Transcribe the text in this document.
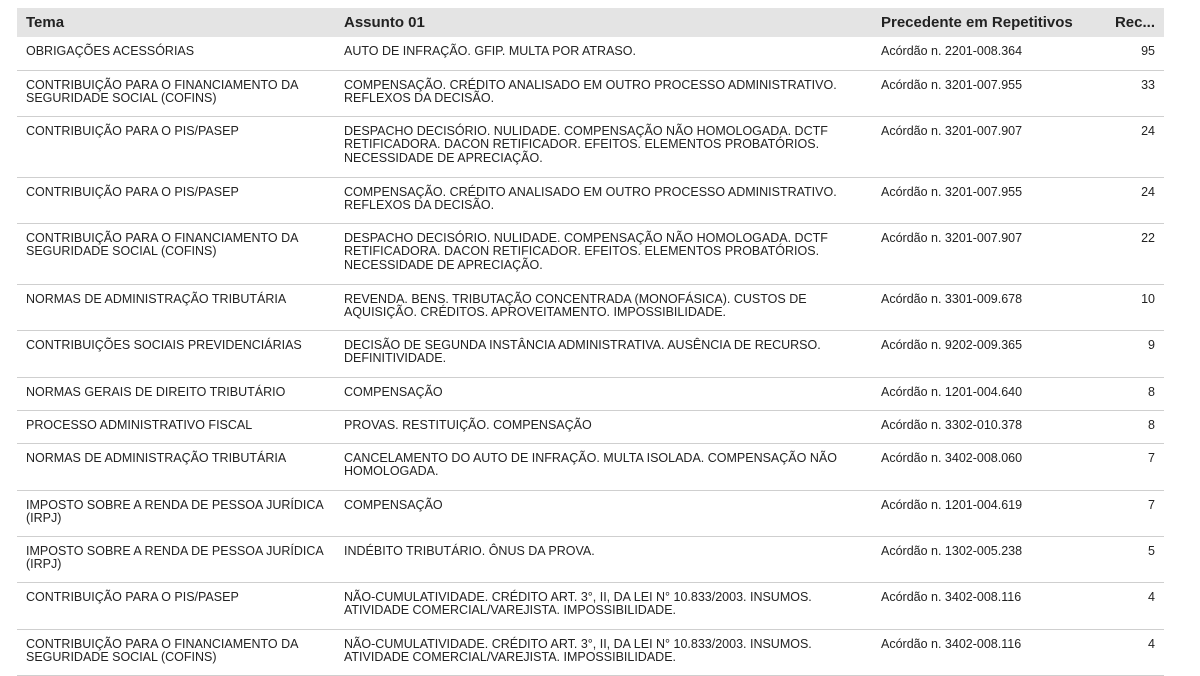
Tema	Assunto 01	Precedente em Repetitivos	Rec...
OBRIGAÇÕES ACESSÓRIAS	AUTO DE INFRAÇÃO. GFIP. MULTA POR ATRASO.	Acórdão n. 2201-008.364	95
CONTRIBUIÇÃO PARA O FINANCIAMENTO DA SEGURIDADE SOCIAL (COFINS)	COMPENSAÇÃO. CRÉDITO ANALISADO EM OUTRO PROCESSO ADMINISTRATIVO. REFLEXOS DA DECISÃO.	Acórdão n. 3201-007.955	33
CONTRIBUIÇÃO PARA O PIS/PASEP	DESPACHO DECISÓRIO. NULIDADE. COMPENSAÇÃO NÃO HOMOLOGADA. DCTF RETIFICADORA. DACON RETIFICADOR. EFEITOS. ELEMENTOS PROBATÓRIOS. NECESSIDADE DE APRECIAÇÃO.	Acórdão n. 3201-007.907	24
CONTRIBUIÇÃO PARA O PIS/PASEP	COMPENSAÇÃO. CRÉDITO ANALISADO EM OUTRO PROCESSO ADMINISTRATIVO. REFLEXOS DA DECISÃO.	Acórdão n. 3201-007.955	24
CONTRIBUIÇÃO PARA O FINANCIAMENTO DA SEGURIDADE SOCIAL (COFINS)	DESPACHO DECISÓRIO. NULIDADE. COMPENSAÇÃO NÃO HOMOLOGADA. DCTF RETIFICADORA. DACON RETIFICADOR. EFEITOS. ELEMENTOS PROBATÓRIOS. NECESSIDADE DE APRECIAÇÃO.	Acórdão n. 3201-007.907	22
NORMAS DE ADMINISTRAÇÃO TRIBUTÁRIA	REVENDA. BENS. TRIBUTAÇÃO CONCENTRADA (MONOFÁSICA). CUSTOS DE AQUISIÇÃO. CRÉDITOS. APROVEITAMENTO. IMPOSSIBILIDADE.	Acórdão n. 3301-009.678	10
CONTRIBUIÇÕES SOCIAIS PREVIDENCIÁRIAS	DECISÃO DE SEGUNDA INSTÂNCIA ADMINISTRATIVA. AUSÊNCIA DE RECURSO. DEFINITIVIDADE.	Acórdão n. 9202-009.365	9
NORMAS GERAIS DE DIREITO TRIBUTÁRIO	COMPENSAÇÃO	Acórdão n. 1201-004.640	8
PROCESSO ADMINISTRATIVO FISCAL	PROVAS. RESTITUIÇÃO. COMPENSAÇÃO	Acórdão n. 3302-010.378	8
NORMAS DE ADMINISTRAÇÃO TRIBUTÁRIA	CANCELAMENTO DO AUTO DE INFRAÇÃO. MULTA ISOLADA. COMPENSAÇÃO NÃO HOMOLOGADA.	Acórdão n. 3402-008.060	7
IMPOSTO SOBRE A RENDA DE PESSOA JURÍDICA (IRPJ)	COMPENSAÇÃO	Acórdão n. 1201-004.619	7
IMPOSTO SOBRE A RENDA DE PESSOA JURÍDICA (IRPJ)	INDÉBITO TRIBUTÁRIO. ÔNUS DA PROVA.	Acórdão n. 1302-005.238	5
CONTRIBUIÇÃO PARA O PIS/PASEP	NÃO-CUMULATIVIDADE. CRÉDITO ART. 3°, II, DA LEI N° 10.833/2003. INSUMOS. ATIVIDADE COMERCIAL/VAREJISTA. IMPOSSIBILIDADE.	Acórdão n. 3402-008.116	4
CONTRIBUIÇÃO PARA O FINANCIAMENTO DA SEGURIDADE SOCIAL (COFINS)	NÃO-CUMULATIVIDADE. CRÉDITO ART. 3°, II, DA LEI N° 10.833/2003. INSUMOS. ATIVIDADE COMERCIAL/VAREJISTA. IMPOSSIBILIDADE.	Acórdão n. 3402-008.116	4
